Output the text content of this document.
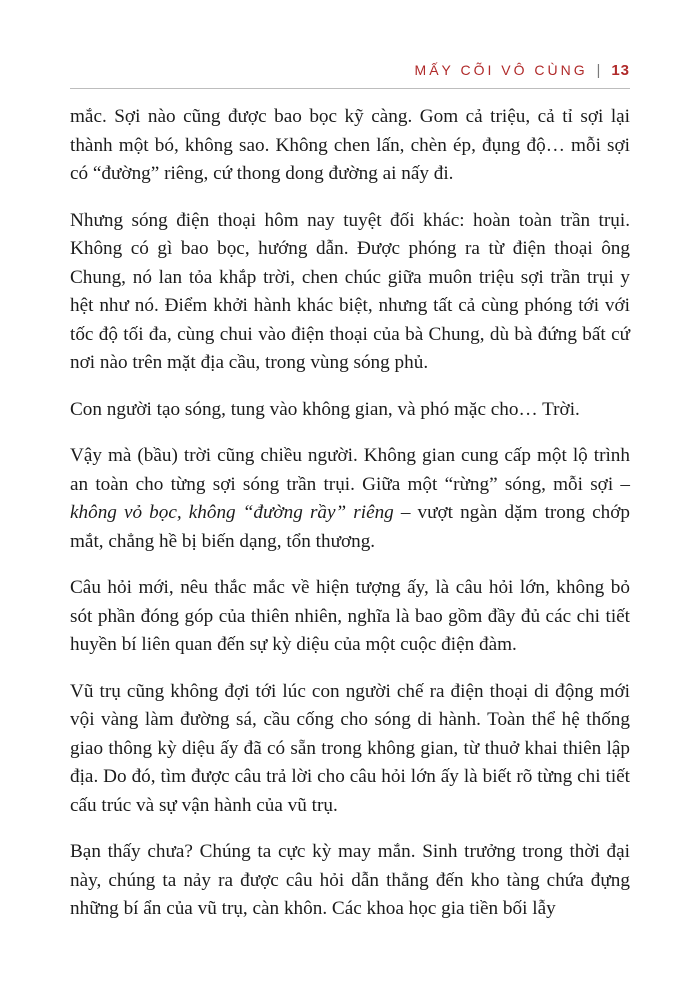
MẤY CÕI VÔ CÙNG | 13

mắc. Sợi nào cũng được bao bọc kỹ càng. Gom cả triệu, cả tỉ sợi lại thành một bó, không sao. Không chen lấn, chèn ép, đụng độ… mỗi sợi có “đường” riêng, cứ thong dong đường ai nấy đi.

Nhưng sóng điện thoại hôm nay tuyệt đối khác: hoàn toàn trần trụi. Không có gì bao bọc, hướng dẫn. Được phóng ra từ điện thoại ông Chung, nó lan tỏa khắp trời, chen chúc giữa muôn triệu sợi trần trụi y hệt như nó. Điểm khởi hành khác biệt, nhưng tất cả cùng phóng tới với tốc độ tối đa, cùng chui vào điện thoại của bà Chung, dù bà đứng bất cứ nơi nào trên mặt địa cầu, trong vùng sóng phủ.

Con người tạo sóng, tung vào không gian, và phó mặc cho… Trời.

Vậy mà (bầu) trời cũng chiều người. Không gian cung cấp một lộ trình an toàn cho từng sợi sóng trần trụi. Giữa một “rừng” sóng, mỗi sợi – không vỏ bọc, không “đường rầy” riêng – vượt ngàn dặm trong chớp mắt, chẳng hề bị biến dạng, tổn thương.

Câu hỏi mới, nêu thắc mắc về hiện tượng ấy, là câu hỏi lớn, không bỏ sót phần đóng góp của thiên nhiên, nghĩa là bao gồm đầy đủ các chi tiết huyền bí liên quan đến sự kỳ diệu của một cuộc điện đàm.

Vũ trụ cũng không đợi tới lúc con người chế ra điện thoại di động mới vội vàng làm đường sá, cầu cống cho sóng di hành. Toàn thể hệ thống giao thông kỳ diệu ấy đã có sẵn trong không gian, từ thuở khai thiên lập địa. Do đó, tìm được câu trả lời cho câu hỏi lớn ấy là biết rõ từng chi tiết cấu trúc và sự vận hành của vũ trụ.

Bạn thấy chưa? Chúng ta cực kỳ may mắn. Sinh trưởng trong thời đại này, chúng ta nảy ra được câu hỏi dẫn thẳng đến kho tàng chứa đựng những bí ẩn của vũ trụ, càn khôn. Các khoa học gia tiền bối lẫy
